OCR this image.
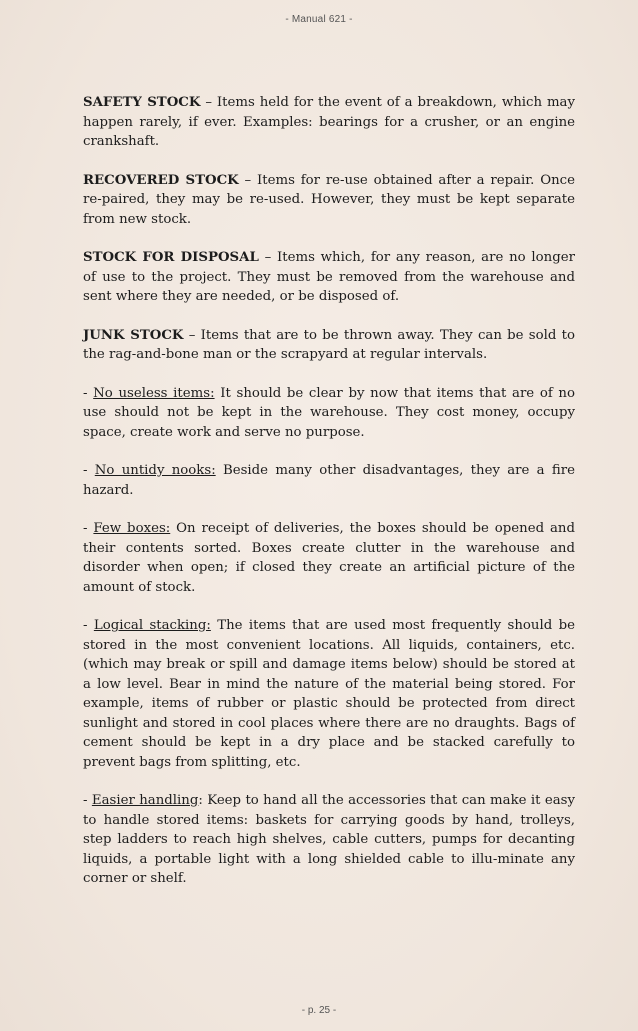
- Manual 621 -

SAFETY STOCK – Items held for the event of a breakdown, which may happen rarely, if ever. Examples: bearings for a crusher, or an engine crankshaft.

RECOVERED STOCK – Items for re-use obtained after a repair. Once re-paired, they may be re-used. However, they must be kept separate from new stock.

STOCK FOR DISPOSAL – Items which, for any reason, are no longer of use to the project. They must be removed from the warehouse and sent where they are needed, or be disposed of.

JUNK STOCK – Items that are to be thrown away. They can be sold to the rag-and-bone man or the scrapyard at regular intervals.

- No useless items: It should be clear by now that items that are of no use should not be kept in the warehouse. They cost money, occupy space, create work and serve no purpose.

- No untidy nooks: Beside many other disadvantages, they are a fire hazard.

- Few boxes: On receipt of deliveries, the boxes should be opened and their contents sorted. Boxes create clutter in the warehouse and disorder when open; if closed they create an artificial picture of the amount of stock.

- Logical stacking: The items that are used most frequently should be stored in the most convenient locations. All liquids, containers, etc. (which may break or spill and damage items below) should be stored at a low level. Bear in mind the nature of the material being stored. For example, items of rubber or plastic should be protected from direct sunlight and stored in cool places where there are no draughts. Bags of cement should be kept in a dry place and be stacked carefully to prevent bags from splitting, etc.

- Easier handling: Keep to hand all the accessories that can make it easy to handle stored items: baskets for carrying goods by hand, trolleys, step ladders to reach high shelves, cable cutters, pumps for decanting liquids, a portable light with a long shielded cable to illu-minate any corner or shelf.

- p. 25 -
